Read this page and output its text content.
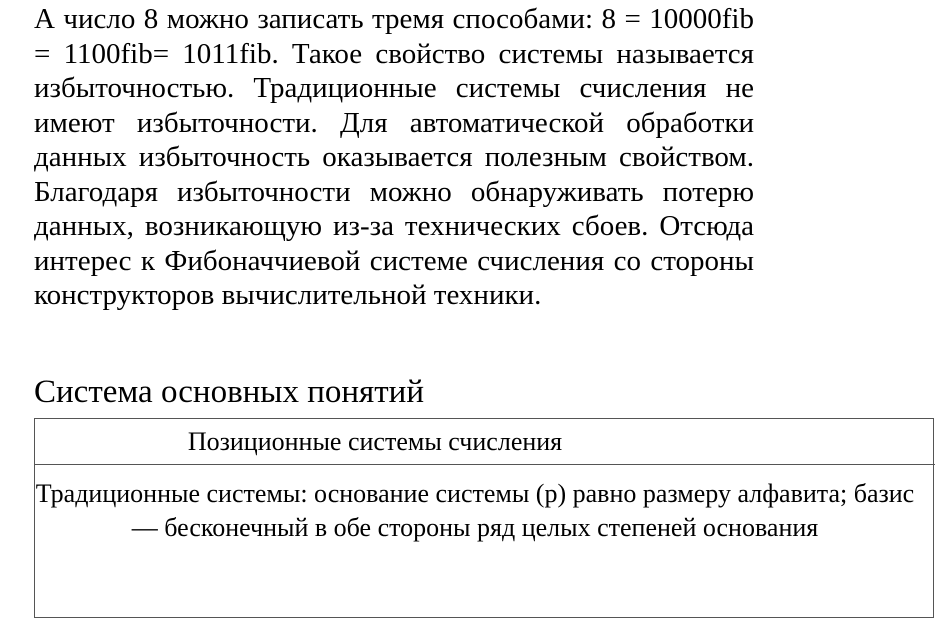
А число 8 можно записать тремя способами: 8 = 10000fib = 1100fib= 1011fib. Такое свойство системы называется избыточностью. Традиционные системы счисления не имеют избыточности. Для автоматической обработки данных избыточность оказывается полезным свойством. Благодаря избыточности можно обнаруживать потерю данных, возникающую из-за технических сбоев. Отсюда интерес к Фибоначчиевой системе счисления со стороны конструкторов вычислительной техники.

Система основных понятий
Позиционные системы счисления

Традиционные системы: основание системы (р) равно размеру алфавита; базис — бесконечный в обе стороны ряд целых степеней основания
